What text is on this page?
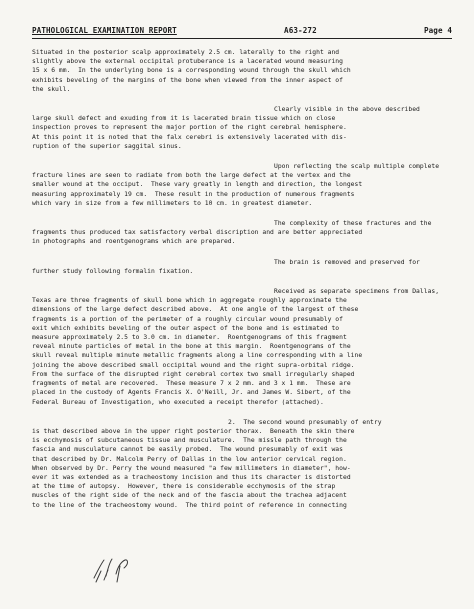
PATHOLOGICAL EXAMINATION REPORT	A63-272	Page 4
Situated in the posterior scalp approximately 2.5 cm. laterally to the right and
slightly above the external occipital protuberance is a lacerated wound measuring
15 x 6 mm.  In the underlying bone is a corresponding wound through the skull which
exhibits beveling of the margins of the bone when viewed from the inner aspect of
the skull.
Clearly visible in the above described
large skull defect and exuding from it is lacerated brain tissue which on close
inspection proves to represent the major portion of the right cerebral hemisphere.
At this point it is noted that the falx cerebri is extensively lacerated with dis-
ruption of the superior saggital sinus.
Upon reflecting the scalp multiple complete
fracture lines are seen to radiate from both the large defect at the vertex and the
smaller wound at the occiput.  These vary greatly in length and direction, the longest
measuring approximately 19 cm.  These result in the production of numerous fragments
which vary in size from a few millimeters to 10 cm. in greatest diameter.
The complexity of these fractures and the
fragments thus produced tax satisfactory verbal discription and are better appreciated
in photographs and roentgenograms which are prepared.
The brain is removed and preserved for
further study following formalin fixation.
Received as separate specimens from Dallas,
Texas are three fragments of skull bone which in aggregate roughly approximate the
dimensions of the large defect described above.  At one angle of the largest of these
fragments is a portion of the perimeter of a roughly circular wound presumably of
exit which exhibits beveling of the outer aspect of the bone and is estimated to
measure approximately 2.5 to 3.0 cm. in diameter.  Roentgenograms of this fragment
reveal minute particles of metal in the bone at this margin.  Roentgenograms of the
skull reveal multiple minute metallic fragments along a line corresponding with a line
joining the above described small occipital wound and the right supra-orbital ridge.
From the surface of the disrupted right cerebral cortex two small irregularly shaped
fragments of metal are recovered.  These measure 7 x 2 mm. and 3 x 1 mm.  These are
placed in the custody of Agents Francis X. O'Neill, Jr. and James W. Sibert, of the
Federal Bureau of Investigation, who executed a receipt therefor (attached).
2.  The second wound presumably of entry
is that described above in the upper right posterior thorax.  Beneath the skin there
is ecchymosis of subcutaneous tissue and musculature.  The missle path through the
fascia and musculature cannot be easily probed.  The wound presumably of exit was
that described by Dr. Malcolm Perry of Dallas in the low anterior cervical region.
When observed by Dr. Perry the wound measured "a few millimeters in diameter", how-
ever it was extended as a tracheostomy incision and thus its character is distorted
at the time of autopsy.  However, there is considerable ecchymosis of the strap
muscles of the right side of the neck and of the fascia about the trachea adjacent
to the line of the tracheostomy wound.  The third point of reference in connecting
